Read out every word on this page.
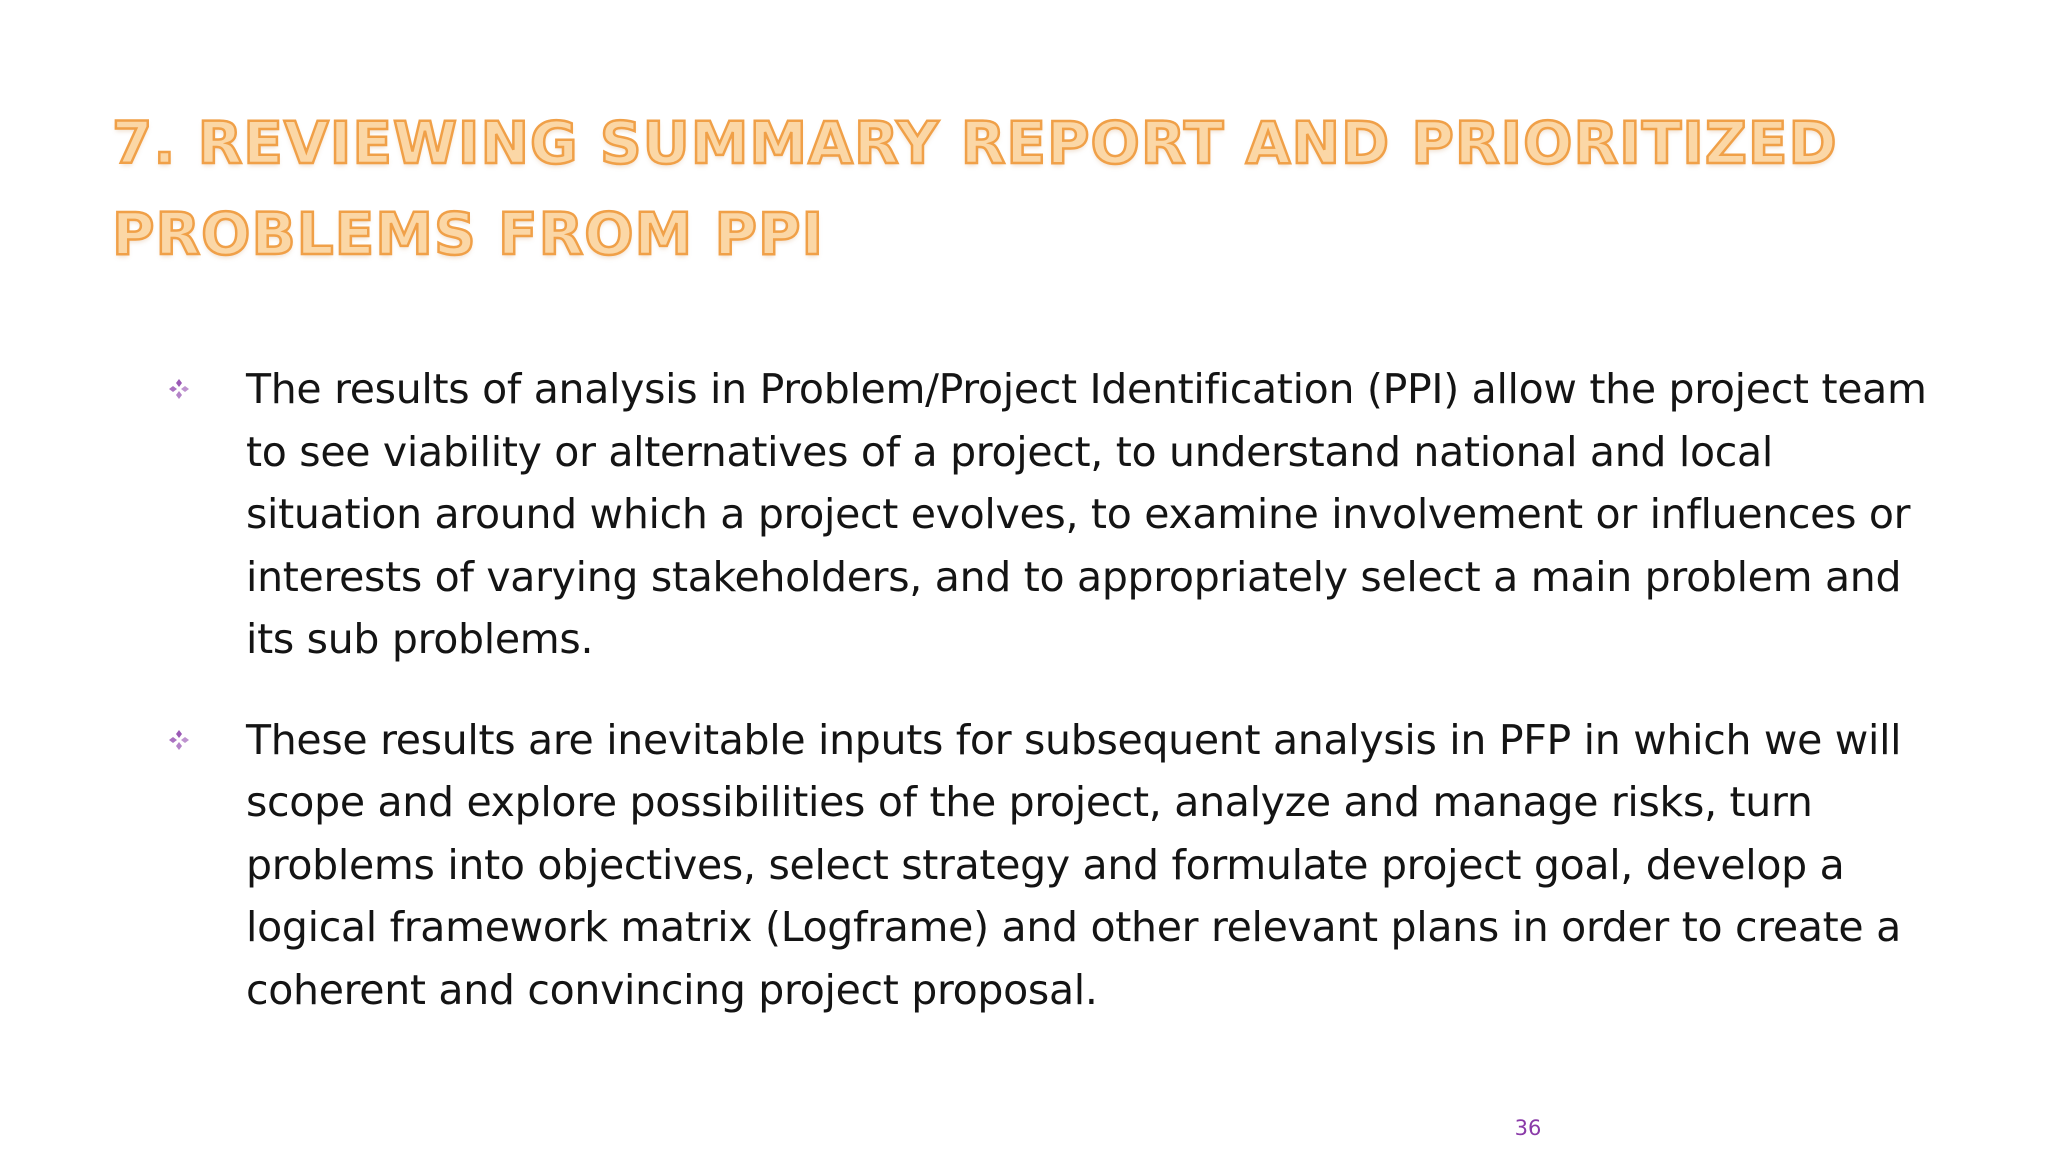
7. REVIEWING SUMMARY REPORT AND PRIORITIZED
PROBLEMS FROM PPI
The results of analysis in Problem/Project Identification (PPI) allow the project team to see viability or alternatives of a project, to understand national and local situation around which a project evolves, to examine involvement or influences or interests of varying stakeholders, and to appropriately select a main problem and its sub problems.
These results are inevitable inputs for subsequent analysis in PFP in which we will scope and explore possibilities of the project, analyze and manage risks, turn problems into objectives, select strategy and formulate project goal, develop a logical framework matrix (Logframe) and other relevant plans in order to create a coherent and convincing project proposal.
36
